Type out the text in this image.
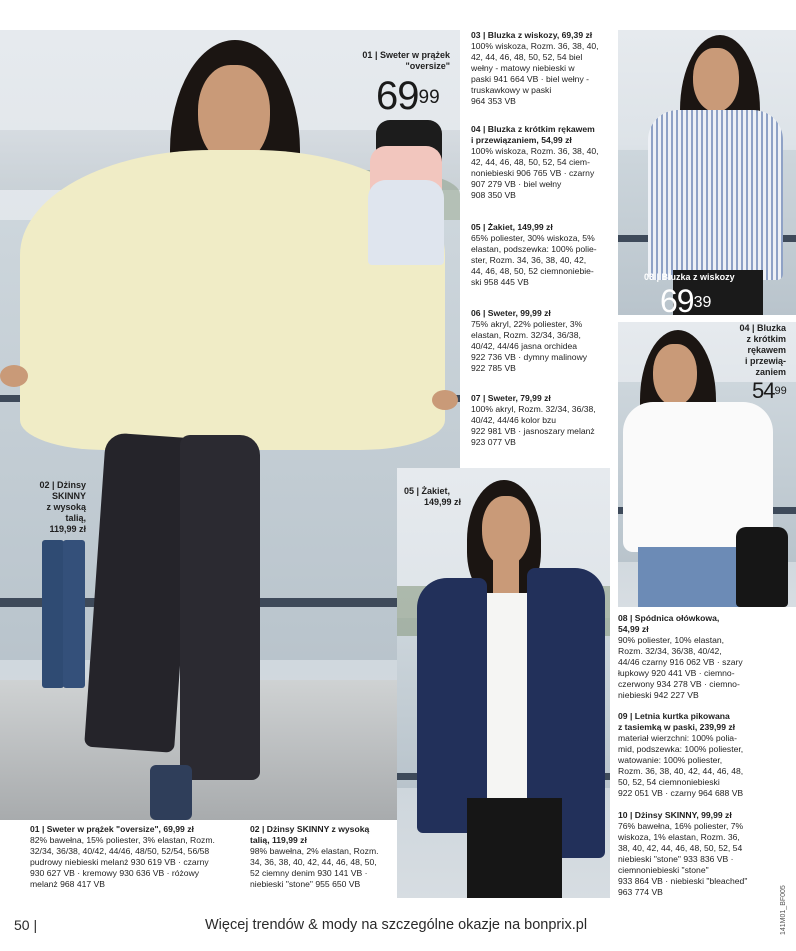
01 | Sweter w prążek
"oversize"
$69^{99}$
02 | Dżinsy
SKINNY
z wysoką
talią,
119,99 zł
05 | Żakiet,
149,99 zł
03 | Bluzka z wiskozy
$69^{39}$
04 | Bluzka
z krótkim
rękawem
i przewią-
zaniem
$54^{99}$
03 | Bluzka z wiskozy, 69,39 zł
100% wiskoza, Rozm. 36, 38, 40,
42, 44, 46, 48, 50, 52, 54 biel
wełny - matowy niebieski w
paski 941 664 VB · biel wełny -
truskawkowy w paski
964 353 VB
04 | Bluzka z krótkim rękawem
i przewiązaniem, 54,99 zł
100% wiskoza, Rozm. 36, 38, 40,
42, 44, 46, 48, 50, 52, 54 ciem-
noniebieski 906 765 VB · czarny
907 279 VB · biel wełny
908 350 VB
05 | Żakiet, 149,99 zł
65% poliester, 30% wiskoza, 5%
elastan, podszewka: 100% polie-
ster, Rozm. 34, 36, 38, 40, 42,
44, 46, 48, 50, 52 ciemnoniebie-
ski 958 445 VB
06 | Sweter, 99,99 zł
75% akryl, 22% poliester, 3%
elastan, Rozm. 32/34, 36/38,
40/42, 44/46 jasna orchidea
922 736 VB · dymny malinowy
922 785 VB
07 | Sweter, 79,99 zł
100% akryl, Rozm. 32/34, 36/38,
40/42, 44/46 kolor bzu
922 981 VB · jasnoszary melanż
923 077 VB
08 | Spódnica ołówkowa,
54,99 zł
90% poliester, 10% elastan,
Rozm. 32/34, 36/38, 40/42,
44/46 czarny 916 062 VB · szary
łupkowy 920 441 VB · ciemno-
czerwony 934 278 VB · ciemno-
niebieski 942 227 VB
09 | Letnia kurtka pikowana
z tasiemką w paski, 239,99 zł
materiał wierzchni: 100% polia-
mid, podszewka: 100% poliester,
watowanie: 100% poliester,
Rozm. 36, 38, 40, 42, 44, 46, 48,
50, 52, 54 ciemnoniebieski
922 051 VB · czarny 964 688 VB
10 | Dżinsy SKINNY, 99,99 zł
76% bawełna, 16% poliester, 7%
wiskoza, 1% elastan, Rozm. 36,
38, 40, 42, 44, 46, 48, 50, 52, 54
niebieski "stone" 933 836 VB ·
ciemnoniebieski "stone"
933 864 VB · niebieski "bleached"
963 774 VB
01 | Sweter w prążek "oversize", 69,99 zł
82% bawełna, 15% poliester, 3% elastan, Rozm.
32/34, 36/38, 40/42, 44/46, 48/50, 52/54, 56/58
pudrowy niebieski melanż 930 619 VB · czarny
930 627 VB · kremowy 930 636 VB · różowy
melanż 968 417 VB
02 | Dżinsy SKINNY z wysoką
talią, 119,99 zł
98% bawełna, 2% elastan, Rozm.
34, 36, 38, 40, 42, 44, 46, 48, 50,
52 ciemny denim 930 141 VB ·
niebieski "stone" 955 650 VB
50 |	Więcej trendów & mody na szczególne okazje na bonprix.pl	141M01_BF005
